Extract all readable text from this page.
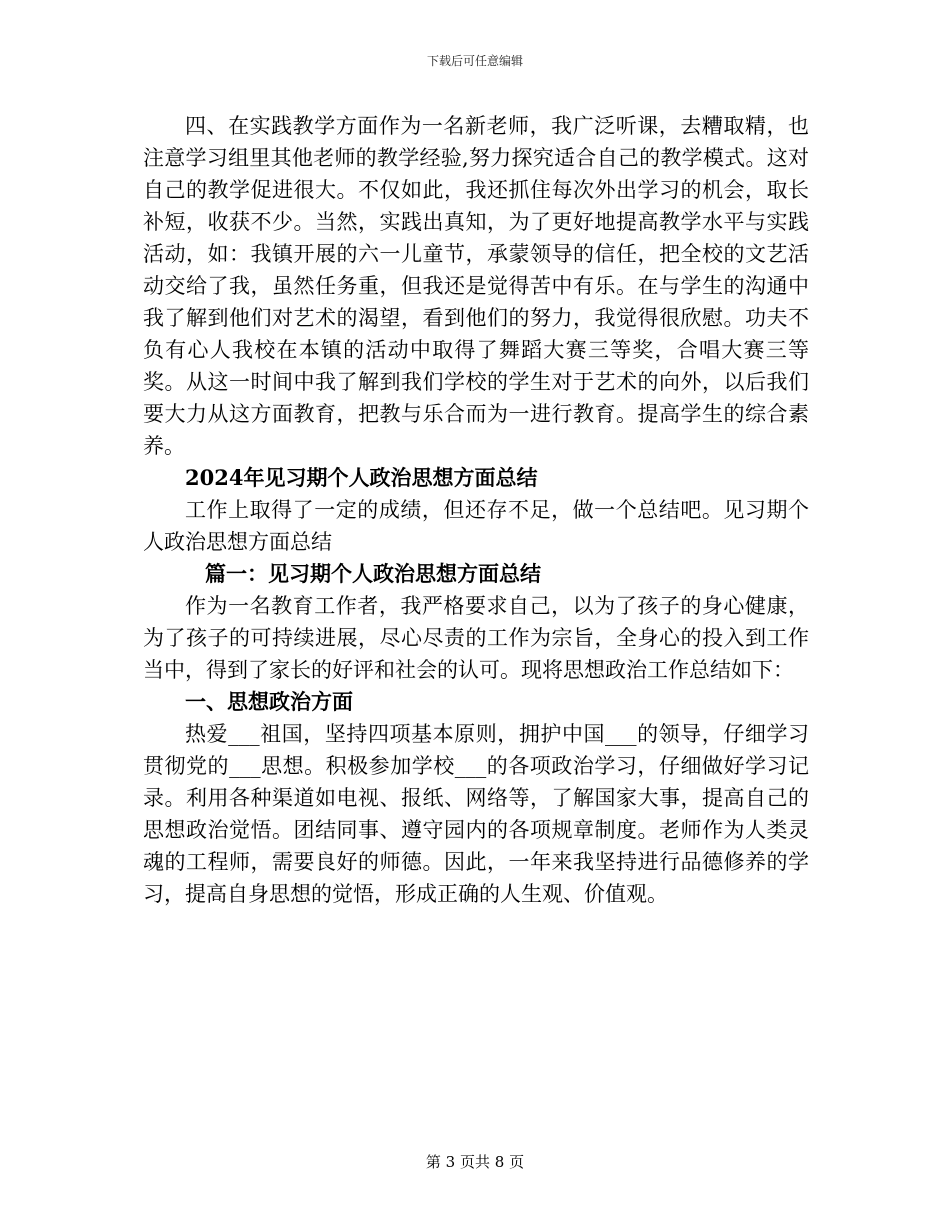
下载后可任意编辑

四、在实践教学方面作为一名新老师，我广泛听课，去糟取精，也注意学习组里其他老师的教学经验,努力探究适合自己的教学模式。这对自己的教学促进很大。不仅如此，我还抓住每次外出学习的机会，取长补短，收获不少。当然，实践出真知，为了更好地提高教学水平与实践活动，如：我镇开展的六一儿童节，承蒙领导的信任，把全校的文艺活动交给了我，虽然任务重，但我还是觉得苦中有乐。在与学生的沟通中我了解到他们对艺术的渴望，看到他们的努力，我觉得很欣慰。功夫不负有心人我校在本镇的活动中取得了舞蹈大赛三等奖，合唱大赛三等奖。从这一时间中我了解到我们学校的学生对于艺术的向外，以后我们要大力从这方面教育，把教与乐合而为一进行教育。提高学生的综合素养。

2024年见习期个人政治思想方面总结

工作上取得了一定的成绩，但还存不足，做一个总结吧。见习期个人政治思想方面总结

篇一：见习期个人政治思想方面总结

作为一名教育工作者，我严格要求自己，以为了孩子的身心健康，为了孩子的可持续进展，尽心尽责的工作为宗旨，全身心的投入到工作当中，得到了家长的好评和社会的认可。现将思想政治工作总结如下：

一、思想政治方面

热爱___祖国，坚持四项基本原则，拥护中国___的领导，仔细学习贯彻党的___思想。积极参加学校___的各项政治学习，仔细做好学习记录。利用各种渠道如电视、报纸、网络等，了解国家大事，提高自己的思想政治觉悟。团结同事、遵守园内的各项规章制度。老师作为人类灵魂的工程师，需要良好的师德。因此，一年来我坚持进行品德修养的学习，提高自身思想的觉悟，形成正确的人生观、价值观。

第 3 页共 8 页
